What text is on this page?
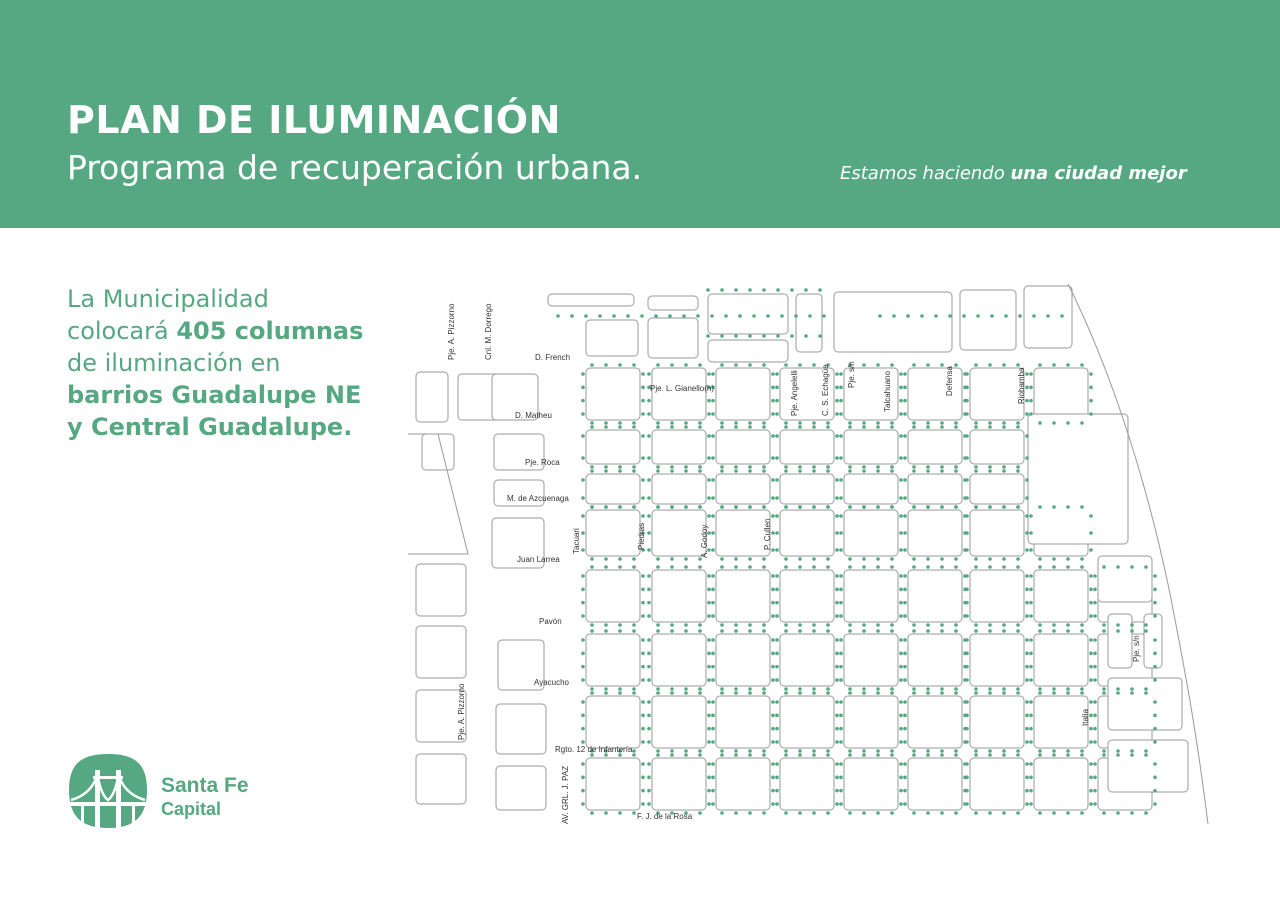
PLAN DE ILUMINACIÓN
Programa de recuperación urbana.	Estamos haciendo una ciudad mejor

La Municipalidad
colocará 405 columnas
de iluminación en
barrios Guadalupe NE
y Central Guadalupe.

Pje. A. Pizzorno	Cnl. M. Dorrego	D. French
Pje. L. Gianello(h)	Pje. Angelelli	C. S. Echagüe Pje. s/n	Talcahuano	Defensa	Riobamba
D. Matheu
Pje. Roca
M. de Azcuenaga
Tacuari	Piedras	A. Godoy	P. Cullen
Juan Larrea
Pavón
Pje. s/n
Ayacucho
Italia
Pje. A. Pizzorno
Rgto. 12 de Infantería
AV. GRL. J. PAZ	F. J. de la Rosa
Santa Fe
Capital
